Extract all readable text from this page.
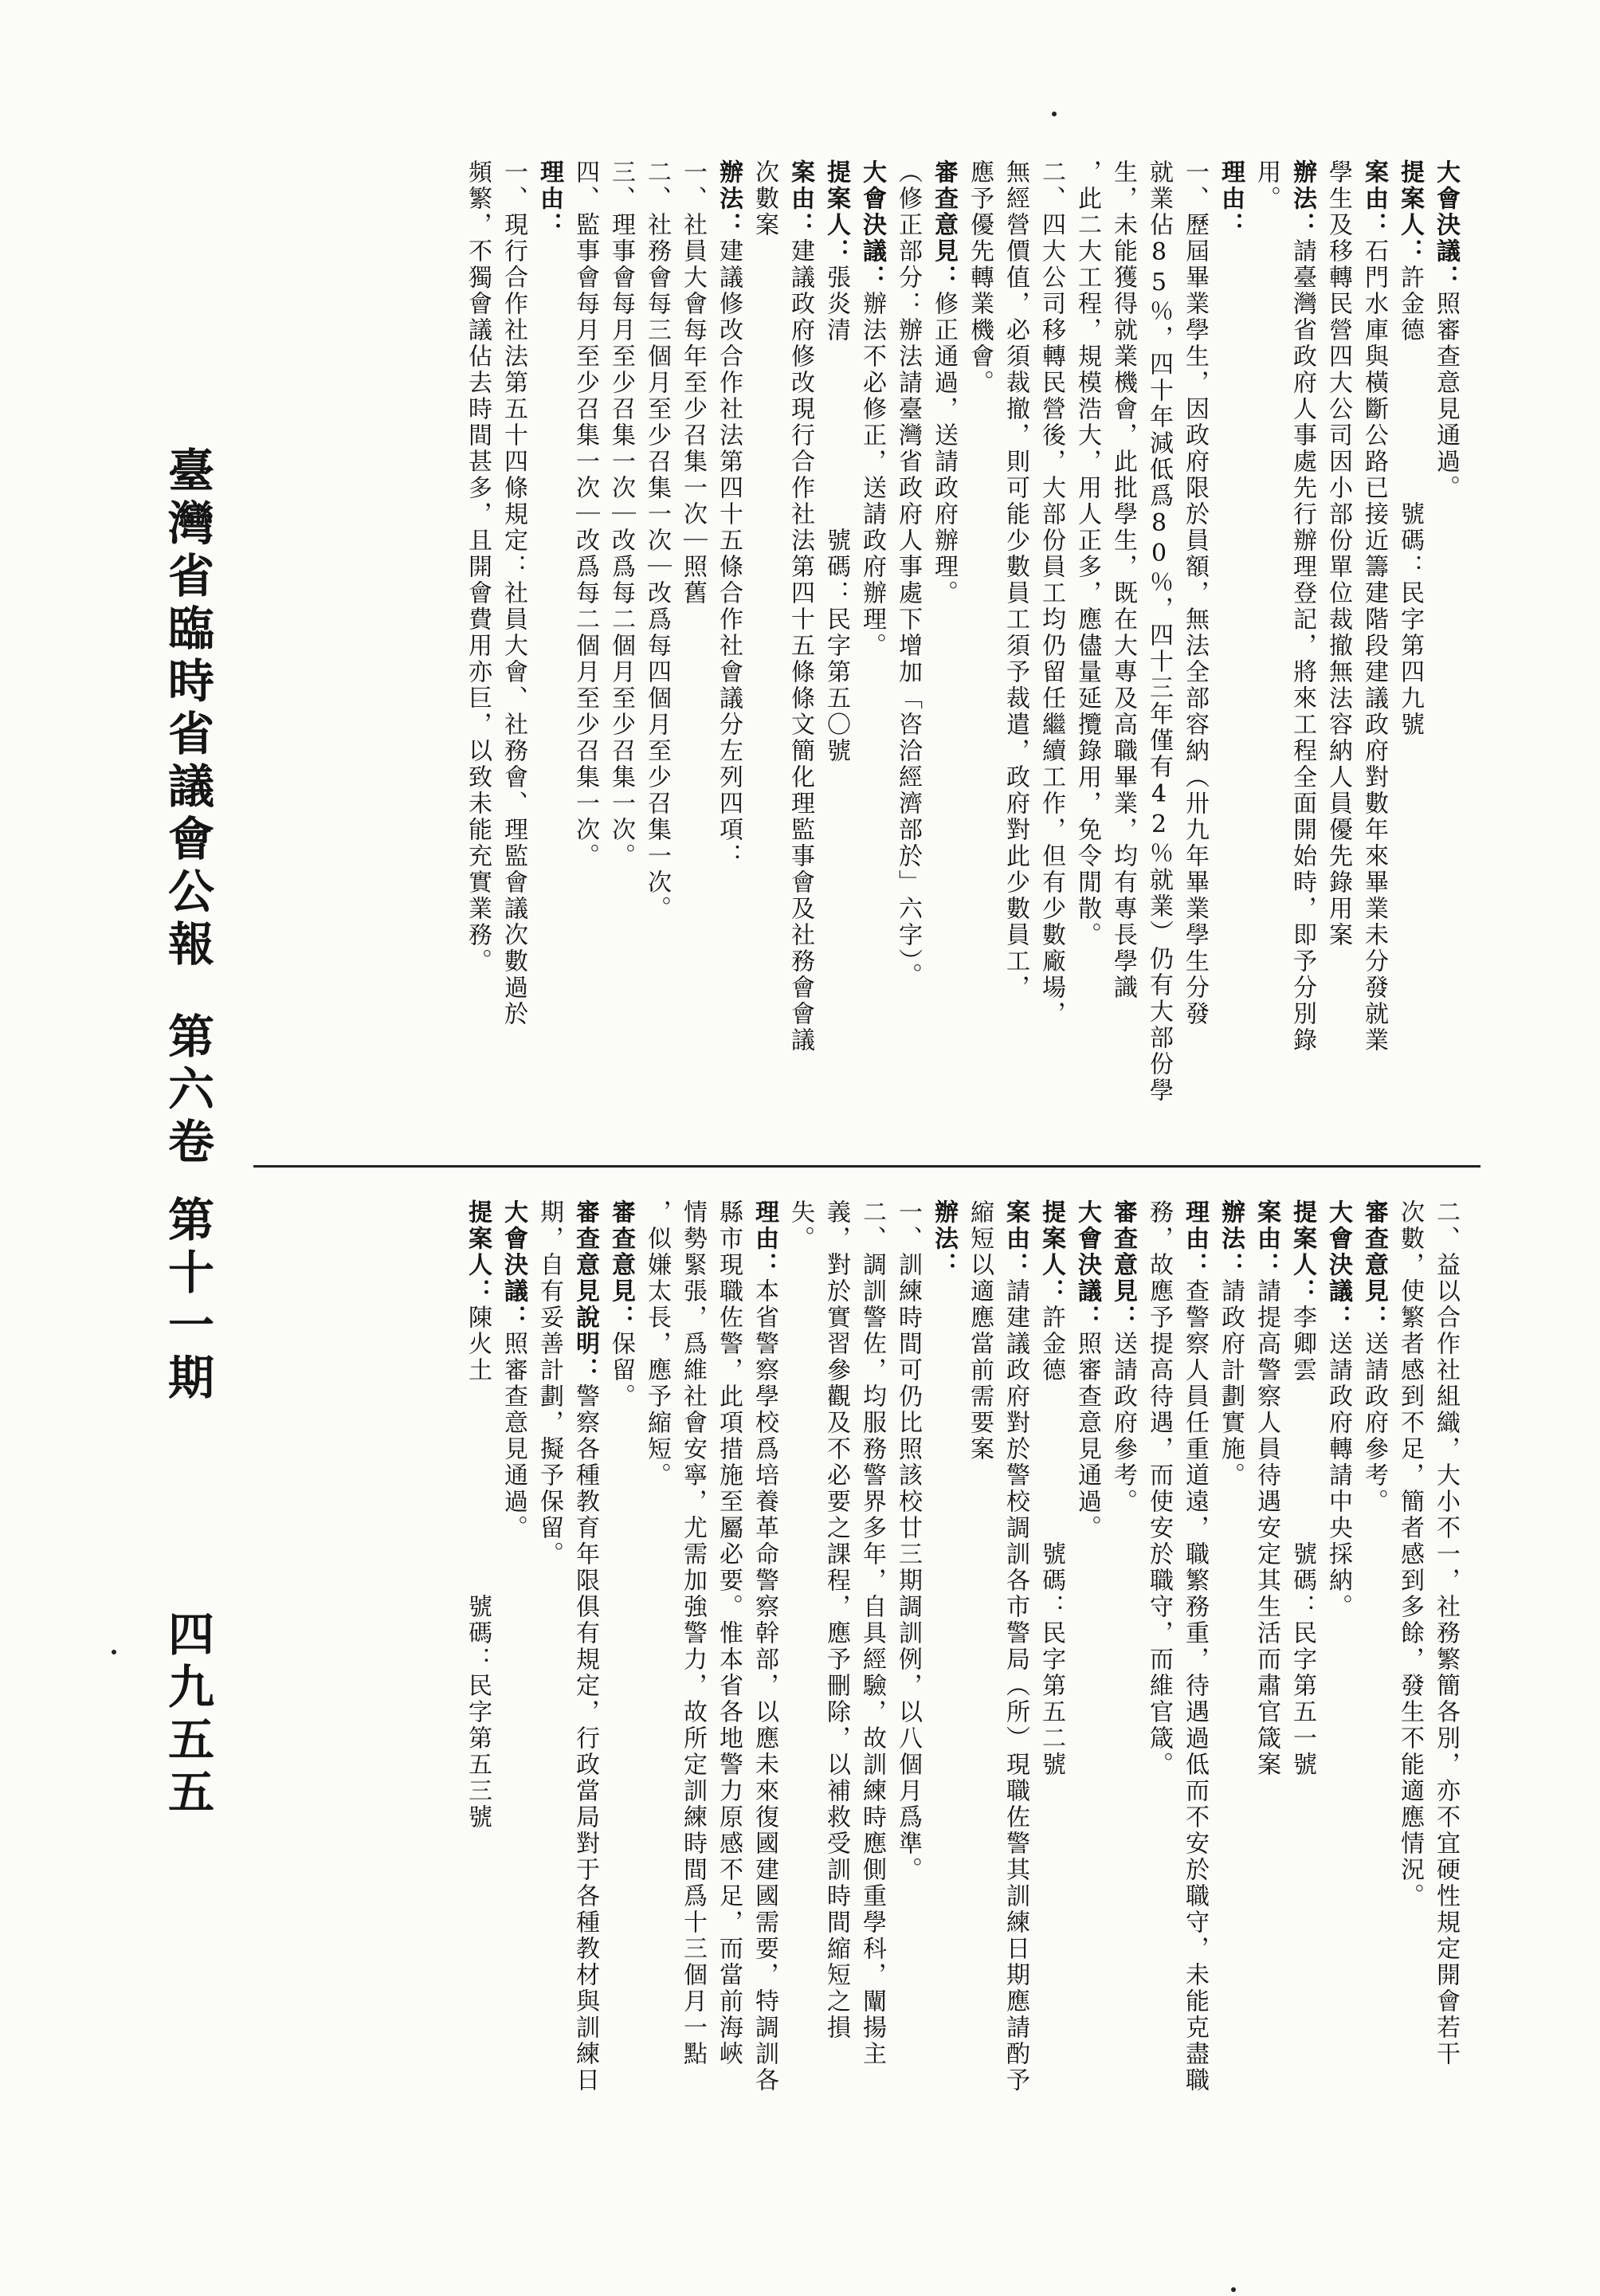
大會決議：照審查意見通過。
提案人：許金德　　　　　　號碼：民字第四九號
案由：石門水庫與橫斷公路已接近籌建階段建議政府對數年來畢業未分發就業
學生及移轉民營四大公司因小部份單位裁撤無法容納人員優先錄用案
辦法：請臺灣省政府人事處先行辦理登記，將來工程全面開始時，即予分別錄
用。
理由：
一、歷屆畢業學生，因政府限於員額，無法全部容納（卅九年畢業學生分發
就業佔85％，四十年減低爲80％，四十三年僅有42％就業）仍有大部份學
生，未能獲得就業機會，此批學生，既在大專及高職畢業，均有專長學識
，此二大工程，規模浩大，用人正多，應儘量延攬錄用，免令閒散。
二、四大公司移轉民營後，大部份員工均仍留任繼續工作，但有少數廠場，
無經營價值，必須裁撤，則可能少數員工須予裁遣，政府對此少數員工，
應予優先轉業機會。
審查意見：修正通過，送請政府辦理。
（修正部分：辦法請臺灣省政府人事處下增加「咨洽經濟部於」六字）。
大會決議：辦法不必修正，送請政府辦理。
提案人：張炎清　　　　　　　號碼：民字第五〇號
案由：建議政府修改現行合作社法第四十五條條文簡化理監事會及社務會會議
次數案
辦法：建議修改合作社法第四十五條合作社會議分左列四項：
一、社員大會每年至少召集一次｜照舊
二、社務會每三個月至少召集一次｜改爲每四個月至少召集一次。
三、理事會每月至少召集一次｜改爲每二個月至少召集一次。
四、監事會每月至少召集一次｜改爲每二個月至少召集一次。
理由：
一、現行合作社法第五十四條規定：社員大會、社務會、理監會議次數過於
頻繁，不獨會議佔去時間甚多，且開會費用亦巨，以致未能充實業務。
臺灣省臨時省議會公報
第六卷
第十一期
四九五五	二、益以合作社組織，大小不一，社務繁簡各別，亦不宜硬性規定開會若干
次數，使繁者感到不足，簡者感到多餘，發生不能適應情況。
審查意見：送請政府參考。
大會決議：送請政府轉請中央採納。
提案人：李卿雲　　　　　　號碼：民字第五一號
案由：請提高警察人員待遇安定其生活而肅官箴案
辦法：請政府計劃實施。
理由：查警察人員任重道遠，職繁務重，待遇過低而不安於職守，未能克盡職
務，故應予提高待遇，而使安於職守，而維官箴。
審查意見：送請政府參考。
大會決議：照審查意見通過。
提案人：許金德　　　　　　號碼：民字第五二號
案由：請建議政府對於警校調訓各市警局（所）現職佐警其訓練日期應請酌予
縮短以適應當前需要案
辦法：
一、訓練時間可仍比照該校廿三期調訓例，以八個月爲準。
二、調訓警佐，均服務警界多年，自具經驗，故訓練時應側重學科，闡揚主
義，對於實習參觀及不必要之課程，應予刪除，以補救受訓時間縮短之損
失。
理由：本省警察學校爲培養革命警察幹部，以應未來復國建國需要，特調訓各
縣市現職佐警，此項措施至屬必要。惟本省各地警力原感不足，而當前海峽
情勢緊張，爲維社會安寧，尤需加強警力，故所定訓練時間爲十三個月一點
，似嫌太長，應予縮短。
審查意見：保留。
審查意見說明：警察各種教育年限俱有規定，行政當局對于各種教材與訓練日
期，自有妥善計劃，擬予保留。
大會決議：照審查意見通過。
提案人：陳火土　　　　　　　　號碼：民字第五三號
